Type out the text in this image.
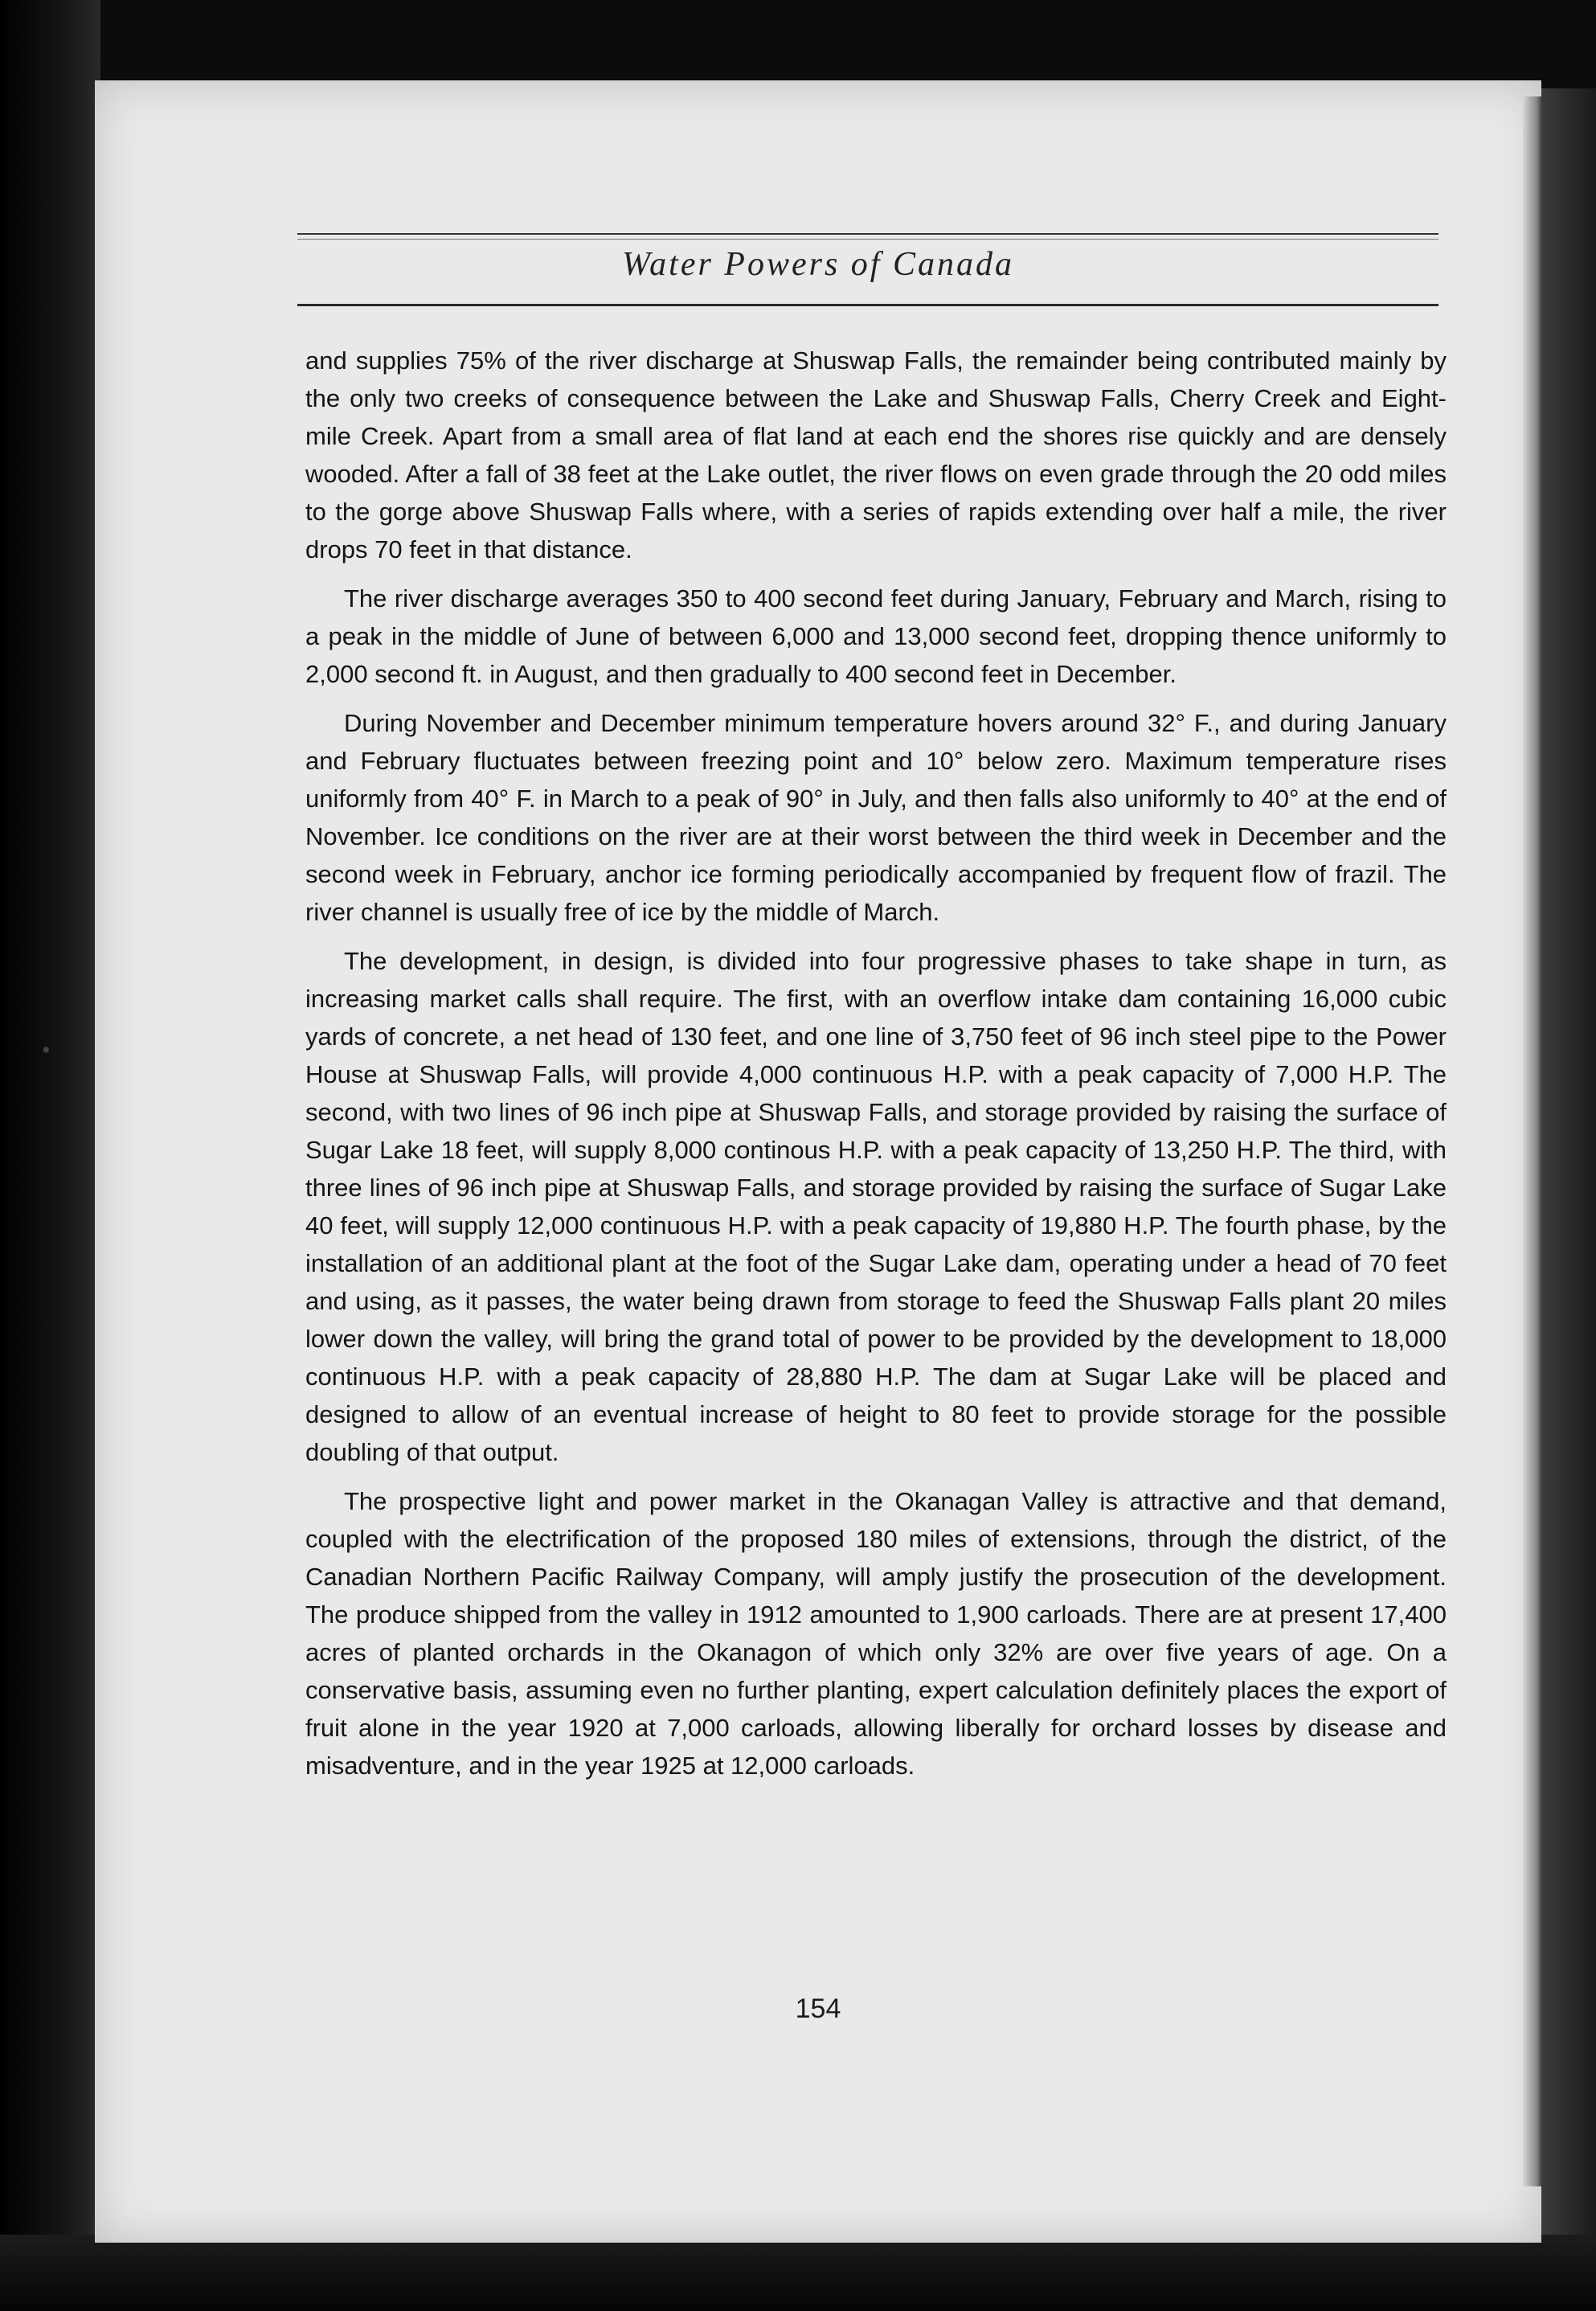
Water Powers of Canada
•

and supplies 75% of the river discharge at Shuswap Falls, the remainder being contributed mainly by the only two creeks of consequence between the Lake and Shuswap Falls, Cherry Creek and Eight-mile Creek. Apart from a small area of flat land at each end the shores rise quickly and are densely wooded. After a fall of 38 feet at the Lake outlet, the river flows on even grade through the 20 odd miles to the gorge above Shuswap Falls where, with a series of rapids extending over half a mile, the river drops 70 feet in that distance.

The river discharge averages 350 to 400 second feet during January, February and March, rising to a peak in the middle of June of between 6,000 and 13,000 second feet, dropping thence uniformly to 2,000 second ft. in August, and then gradually to 400 second feet in December.

During November and December minimum temperature hovers around 32° F., and during January and February fluctuates between freezing point and 10° below zero. Maximum temperature rises uniformly from 40° F. in March to a peak of 90° in July, and then falls also uniformly to 40° at the end of November. Ice conditions on the river are at their worst between the third week in December and the second week in February, anchor ice forming periodically accompanied by frequent flow of frazil. The river channel is usually free of ice by the middle of March.

The development, in design, is divided into four progressive phases to take shape in turn, as increasing market calls shall require. The first, with an overflow intake dam containing 16,000 cubic yards of concrete, a net head of 130 feet, and one line of 3,750 feet of 96 inch steel pipe to the Power House at Shuswap Falls, will provide 4,000 continuous H.P. with a peak capacity of 7,000 H.P. The second, with two lines of 96 inch pipe at Shuswap Falls, and storage provided by raising the surface of Sugar Lake 18 feet, will supply 8,000 continous H.P. with a peak capacity of 13,250 H.P. The third, with three lines of 96 inch pipe at Shuswap Falls, and storage provided by raising the surface of Sugar Lake 40 feet, will supply 12,000 continuous H.P. with a peak capacity of 19,880 H.P. The fourth phase, by the installation of an additional plant at the foot of the Sugar Lake dam, operating under a head of 70 feet and using, as it passes, the water being drawn from storage to feed the Shuswap Falls plant 20 miles lower down the valley, will bring the grand total of power to be provided by the development to 18,000 continuous H.P. with a peak capacity of 28,880 H.P. The dam at Sugar Lake will be placed and designed to allow of an eventual increase of height to 80 feet to provide storage for the possible doubling of that output.

The prospective light and power market in the Okanagan Valley is attractive and that demand, coupled with the electrification of the proposed 180 miles of extensions, through the district, of the Canadian Northern Pacific Railway Company, will amply justify the prosecution of the development. The produce shipped from the valley in 1912 amounted to 1,900 carloads. There are at present 17,400 acres of planted orchards in the Okanagon of which only 32% are over five years of age. On a conservative basis, assuming even no further planting, expert calculation definitely places the export of fruit alone in the year 1920 at 7,000 carloads, allowing liberally for orchard losses by disease and misadventure, and in the year 1925 at 12,000 carloads.

154
